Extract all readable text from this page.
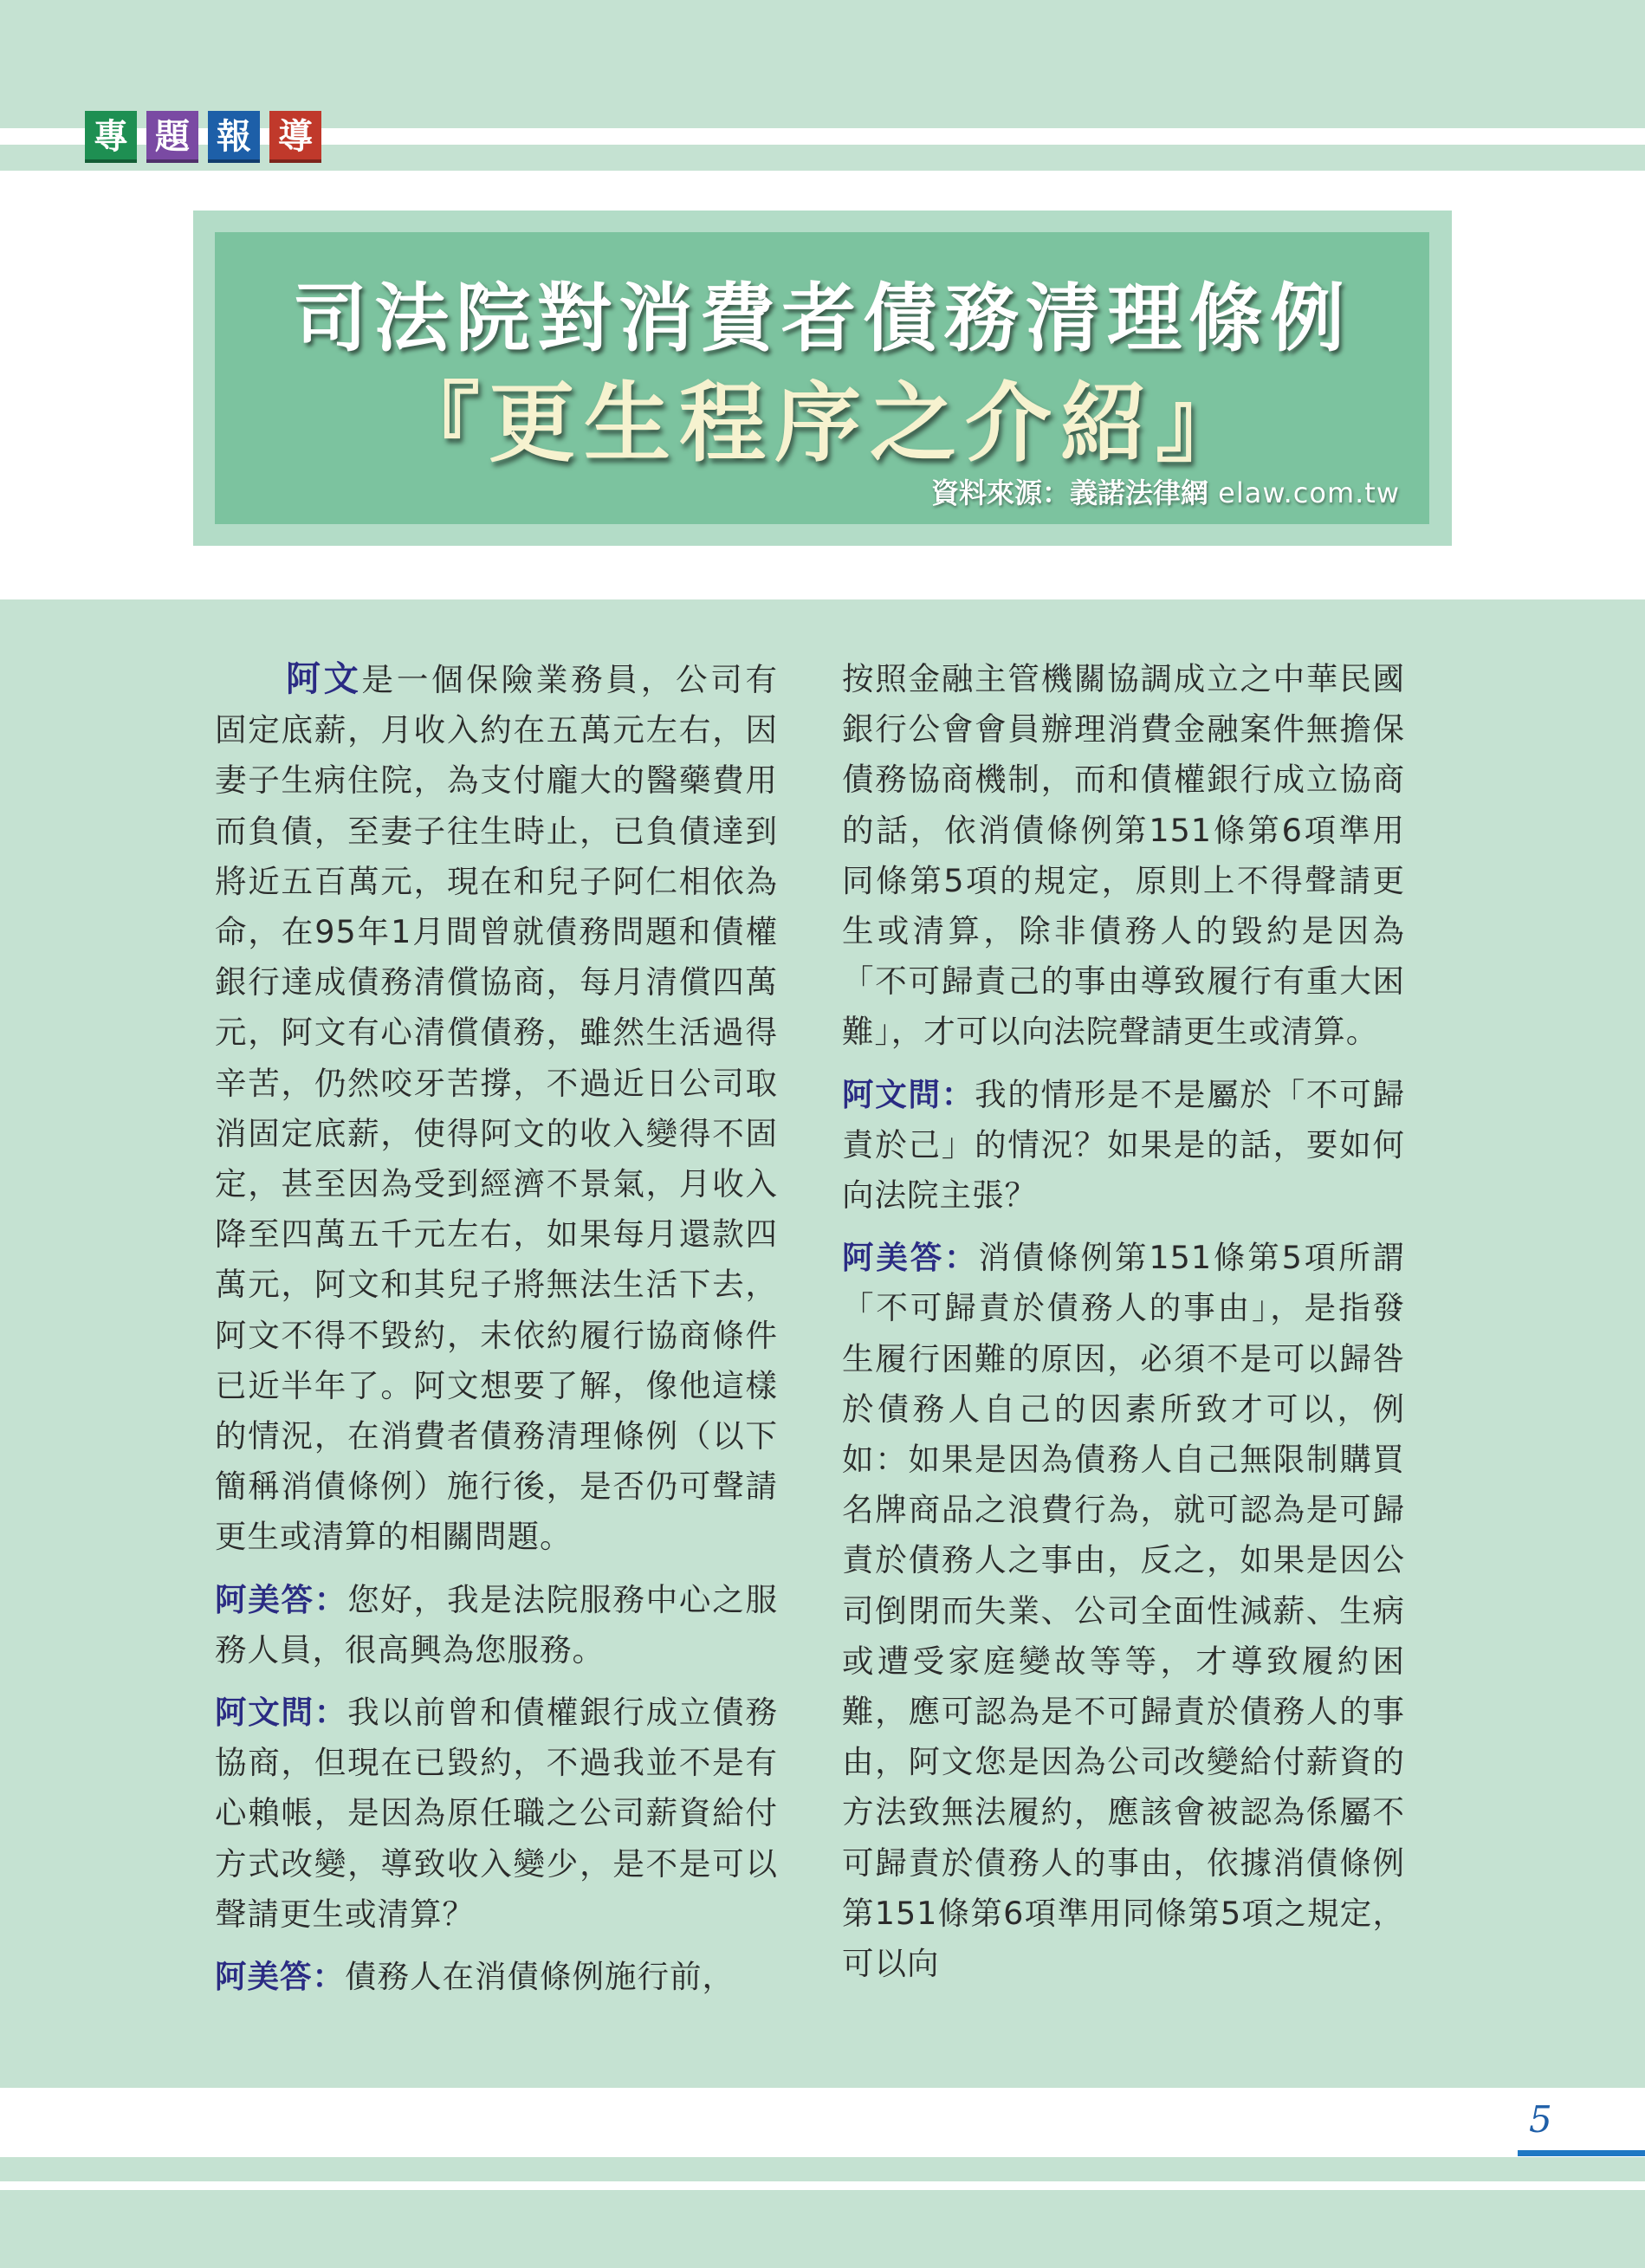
專 題 報 導
司法院對消費者債務清理條例
『更生程序之介紹』
資料來源：義諾法律網 elaw.com.tw

阿文是一個保險業務員，公司有固定底薪，月收入約在五萬元左右，因妻子生病住院，為支付龐大的醫藥費用而負債，至妻子往生時止，已負債達到將近五百萬元，現在和兒子阿仁相依為命，在95年1月間曾就債務問題和債權銀行達成債務清償協商，每月清償四萬元，阿文有心清償債務，雖然生活過得辛苦，仍然咬牙苦撐，不過近日公司取消固定底薪，使得阿文的收入變得不固定，甚至因為受到經濟不景氣，月收入降至四萬五千元左右，如果每月還款四萬元，阿文和其兒子將無法生活下去，阿文不得不毀約，未依約履行協商條件已近半年了。阿文想要了解，像他這樣的情況，在消費者債務清理條例（以下簡稱消債條例）施行後，是否仍可聲請更生或清算的相關問題。

阿美答：您好，我是法院服務中心之服務人員，很高興為您服務。

阿文問：我以前曾和債權銀行成立債務協商，但現在已毀約，不過我並不是有心賴帳，是因為原任職之公司薪資給付方式改變，導致收入變少，是不是可以聲請更生或清算？

阿美答：債務人在消債條例施行前，

按照金融主管機關協調成立之中華民國銀行公會會員辦理消費金融案件無擔保債務協商機制，而和債權銀行成立協商的話，依消債條例第151條第6項準用同條第5項的規定，原則上不得聲請更生或清算，除非債務人的毀約是因為「不可歸責己的事由導致履行有重大困難」，才可以向法院聲請更生或清算。

阿文問：我的情形是不是屬於「不可歸責於己」的情況？如果是的話，要如何向法院主張？

阿美答：消債條例第151條第5項所謂「不可歸責於債務人的事由」，是指發生履行困難的原因，必須不是可以歸咎於債務人自己的因素所致才可以，例如：如果是因為債務人自己無限制購買名牌商品之浪費行為，就可認為是可歸責於債務人之事由，反之，如果是因公司倒閉而失業、公司全面性減薪、生病或遭受家庭變故等等，才導致履約困難，應可認為是不可歸責於債務人的事由，阿文您是因為公司改變給付薪資的方法致無法履約，應該會被認為係屬不可歸責於債務人的事由，依據消債條例第151條第6項準用同條第5項之規定，可以向

5
